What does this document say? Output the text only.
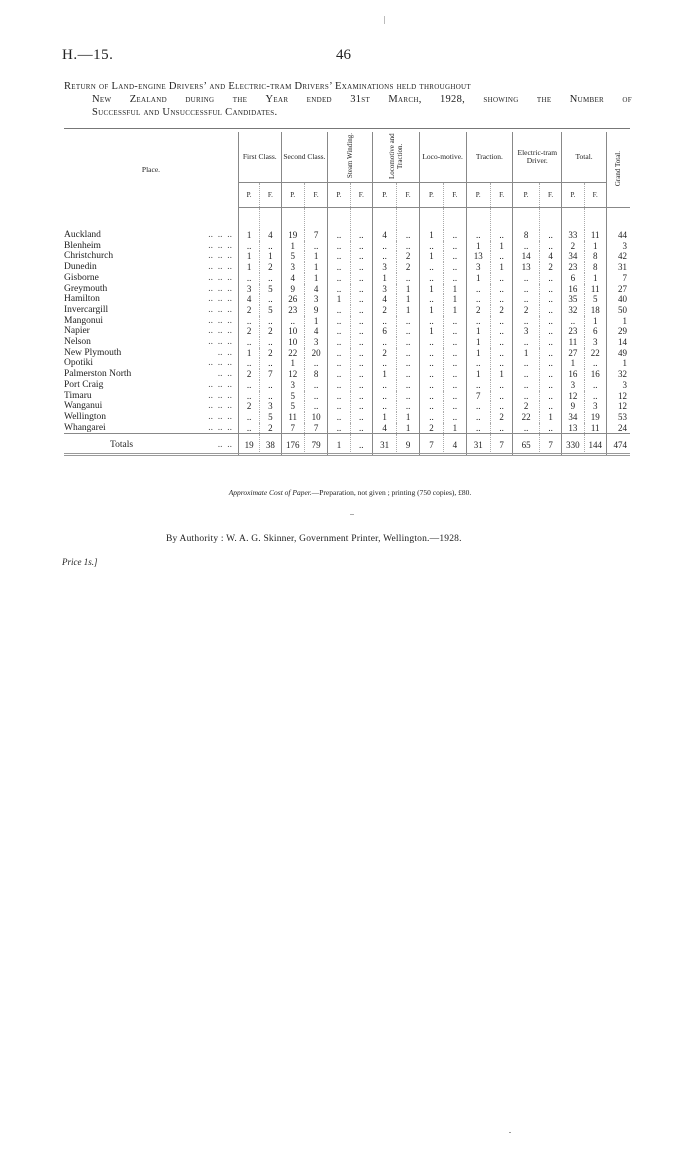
H.—15.	46
Return of Land-engine Drivers’ and Electric-tram Drivers’ Examinations held throughout
New Zealand during the Year ended 31st March, 1928, showing the Number of
Successful and Unsuccessful Candidates.
Place.	First Class.		Second Class.		Steam Winding.		Locomotive and Traction.		Loco-motive.		Traction.		Electric-tram Driver.		Total.		Grand Total.
	P.	F.	P.	F.	P.	F.	P.	F.	P.	F.	P.	F.	P.	F.	P.	F.	

Auckland ..  ..  ..	1	4	19	7	..	..	4	..	1	..	..	..	8	..	33	11	44
Blenheim ..  ..  ..	..	..	1	..	..	..	..	..	..	..	1	1	..	..	2	1	3
Christchurch ..  ..  ..	1	1	5	1	..	..	..	2	1	..	13	..	14	4	34	8	42
Dunedin ..  ..  ..	1	2	3	1	..	..	3	2	..	..	3	1	13	2	23	8	31
Gisborne ..  ..  ..	..	..	4	1	..	..	1	..	..	..	1	..	..	..	6	1	7
Greymouth ..  ..  ..	3	5	9	4	..	..	3	1	1	1	..	..	..	..	16	11	27
Hamilton ..  ..  ..	4	..	26	3	1	..	4	1	..	1	..	..	..	..	35	5	40
Invercargill ..  ..  ..	2	5	23	9	..	..	2	1	1	1	2	2	2	..	32	18	50
Mangonui ..  ..  ..	..	..	..	1	..	..	..	..	..	..	..	..	..	..	..	1	1
Napier ..  ..  ..	2	2	10	4	..	..	6	..	1	..	1	..	3	..	23	6	29
Nelson ..  ..  ..	..	..	10	3	..	..	..	..	..	..	1	..	..	..	11	3	14
New Plymouth ..  ..	1	2	22	20	..	..	2	..	..	..	1	..	1	..	27	22	49
Opotiki ..  ..  ..	..	..	1	..	..	..	..	..	..	..	..	..	..	..	1	..	1
Palmerston North ..  ..	2	7	12	8	..	..	1	..	..	..	1	1	..	..	16	16	32
Port Craig ..  ..  ..	..	..	3	..	..	..	..	..	..	..	..	..	..	..	3	..	3
Timaru ..  ..  ..	..	..	5	..	..	..	..	..	..	..	7	..	..	..	12	..	12
Wanganui ..  ..  ..	2	3	5	..	..	..	..	..	..	..	..	..	2	..	9	3	12
Wellington ..  ..  ..	..	5	11	10	..	..	1	1	..	..	..	2	22	1	34	19	53
Whangarei ..  ..  ..	..	2	7	7	..	..	4	1	2	1	..	..	..	..	13	11	24
Totals ..  ..	19	38	176	79	1	..	31	9	7	4	31	7	65	7	330	144	474
Approximate Cost of Paper.—Preparation, not given ; printing (750 copies), £80.
By Authority : W. A. G. Skinner, Government Printer, Wellington.—1928.
Price 1s.]
